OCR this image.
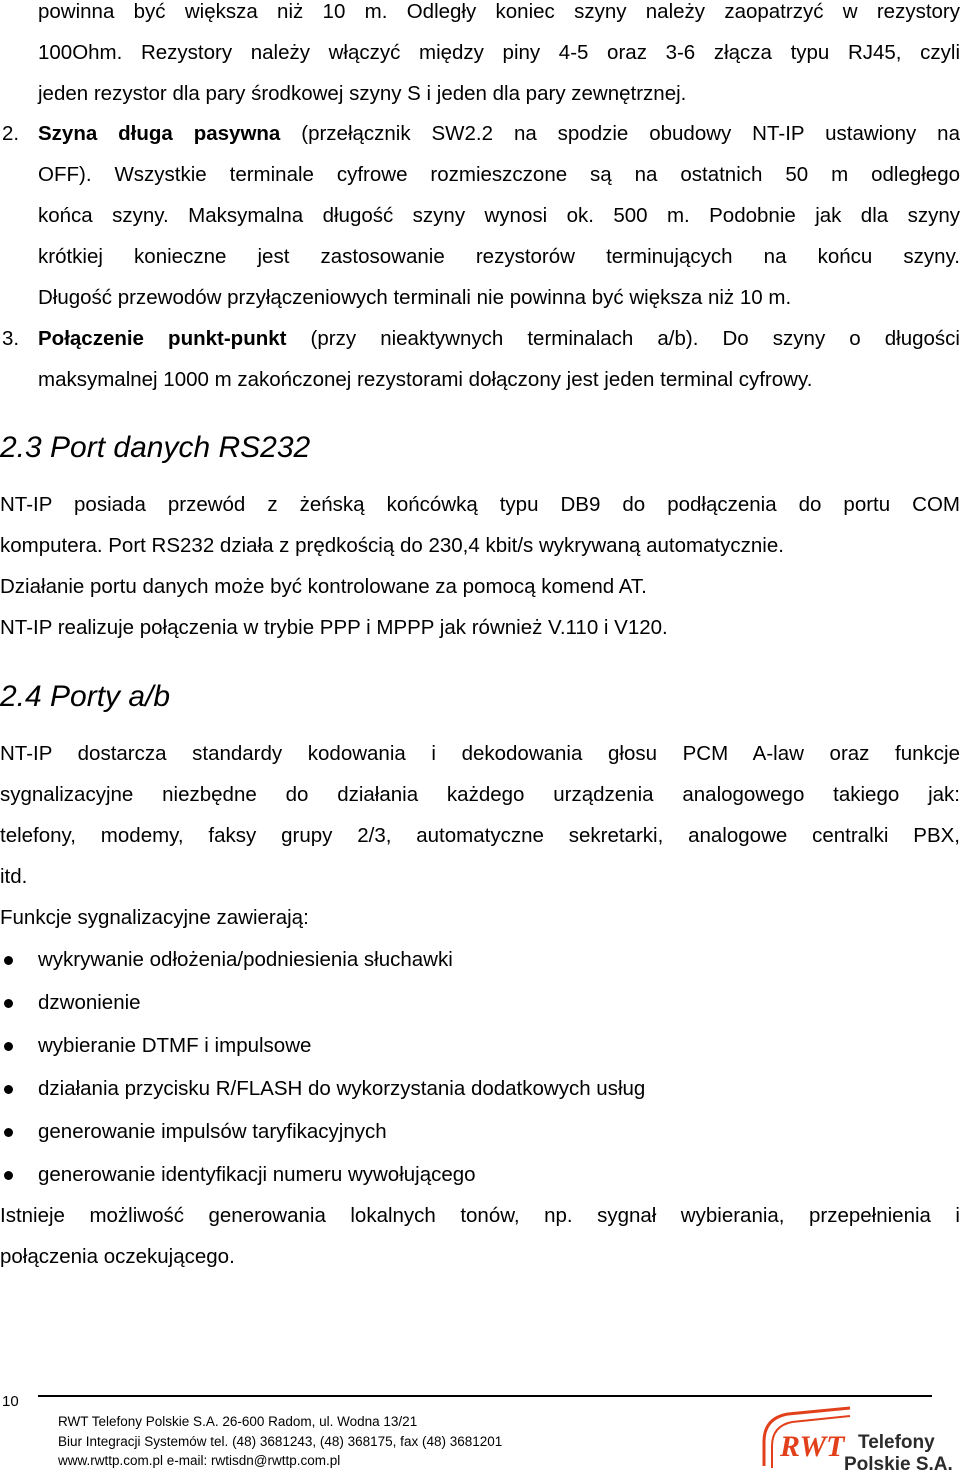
powinna być większa niż 10 m. Odległy koniec szyny należy zaopatrzyć w rezystory
100Ohm. Rezystory należy włączyć między piny 4-5 oraz 3-6 złącza typu RJ45, czyli
jeden rezystor dla pary środkowej szyny S i jeden dla pary zewnętrznej.
2. Szyna długa pasywna (przełącznik SW2.2 na spodzie obudowy NT-IP ustawiony na
OFF). Wszystkie terminale cyfrowe rozmieszczone są na ostatnich 50 m odległego
końca szyny. Maksymalna długość szyny wynosi ok. 500 m. Podobnie jak dla szyny
krótkiej konieczne jest zastosowanie rezystorów terminujących na końcu szyny.
Długość przewodów przyłączeniowych terminali nie powinna być większa niż 10 m.
3. Połączenie punkt-punkt (przy nieaktywnych terminalach a/b). Do szyny o długości
maksymalnej 1000 m zakończonej rezystorami dołączony jest jeden terminal cyfrowy.
2.3 Port danych RS232
NT-IP posiada przewód z żeńską końcówką typu DB9 do podłączenia do portu COM
komputera. Port RS232 działa z prędkością do 230,4 kbit/s wykrywaną automatycznie.
Działanie portu danych może być kontrolowane za pomocą komend AT.
NT-IP realizuje połączenia w trybie PPP i MPPP jak również V.110 i V120.
2.4 Porty a/b
NT-IP dostarcza standardy kodowania i dekodowania głosu PCM A-law oraz funkcje
sygnalizacyjne niezbędne do działania każdego urządzenia analogowego takiego jak:
telefony, modemy, faksy grupy 2/3, automatyczne sekretarki, analogowe centralki PBX,
itd.
Funkcje sygnalizacyjne zawierają:
wykrywanie odłożenia/podniesienia słuchawki
dzwonienie
wybieranie DTMF i impulsowe
działania przycisku R/FLASH do wykorzystania dodatkowych usług
generowanie impulsów taryfikacyjnych
generowanie identyfikacji numeru wywołującego
Istnieje możliwość generowania lokalnych tonów, np. sygnał wybierania, przepełnienia i
połączenia oczekującego.
10
RWT Telefony Polskie S.A. 26-600 Radom, ul. Wodna 13/21
Biur Integracji Systemów tel. (48) 3681243, (48) 368175, fax (48) 3681201
www.rwttp.com.pl e-mail: rwtisdn@rwttp.com.pl	RWT Telefony
Polskie S.A.
